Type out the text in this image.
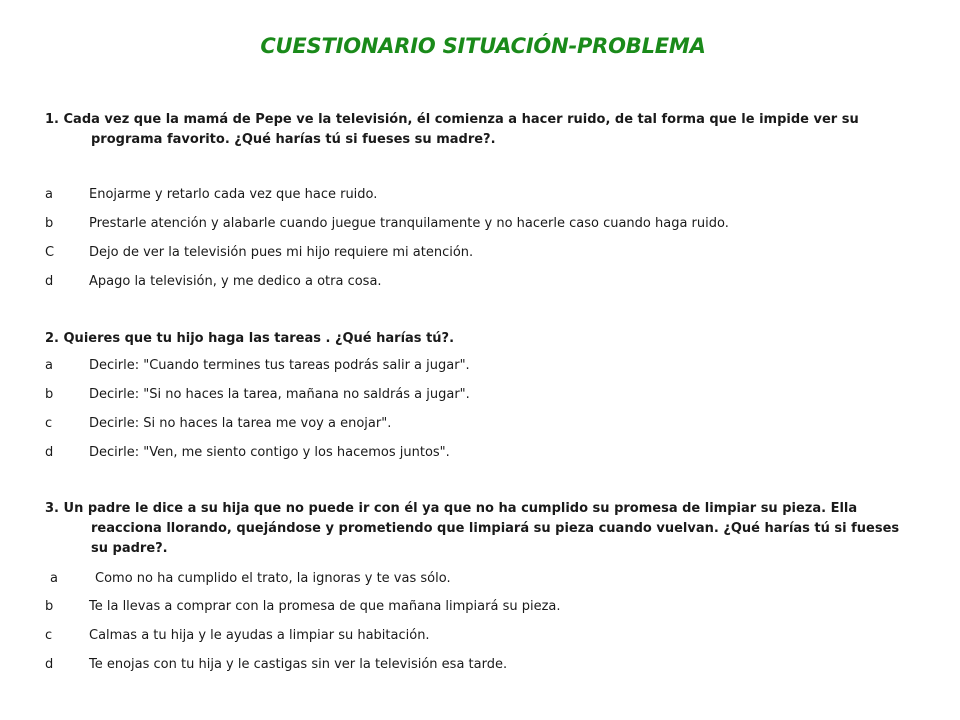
CUESTIONARIO SITUACIÓN-PROBLEMA
1. Cada vez que la mamá de Pepe ve la televisión, él comienza a hacer ruido, de tal forma que le impide ver su
programa favorito. ¿Qué harías tú si fueses su madre?.
a	Enojarme y retarlo cada vez que hace ruido.
b	Prestarle atención y alabarle cuando juegue tranquilamente y no hacerle caso cuando haga ruido.
C	Dejo de ver la televisión pues mi hijo requiere mi atención.
d	Apago la televisión, y me dedico a otra cosa.
2. Quieres que tu hijo haga las tareas . ¿Qué harías tú?.
a	Decirle: "Cuando termines tus tareas podrás salir a jugar".
b	Decirle: "Si no haces la tarea, mañana no saldrás a jugar".
c	Decirle: Si no haces la tarea me voy a enojar".
d	Decirle: "Ven, me siento contigo y los hacemos juntos".
3. Un padre le dice a su hija que no puede ir con él ya que no ha cumplido su promesa de limpiar su pieza. Ella
reacciona llorando, quejándose y prometiendo que limpiará su pieza cuando vuelvan. ¿Qué harías tú si fueses
su padre?.
a	Como no ha cumplido el trato, la ignoras y te vas sólo.
b	Te la llevas a comprar con la promesa de que mañana limpiará su pieza.
c	Calmas a tu hija y le ayudas a limpiar su habitación.
d	Te enojas con tu hija y le castigas sin ver la televisión esa tarde.
